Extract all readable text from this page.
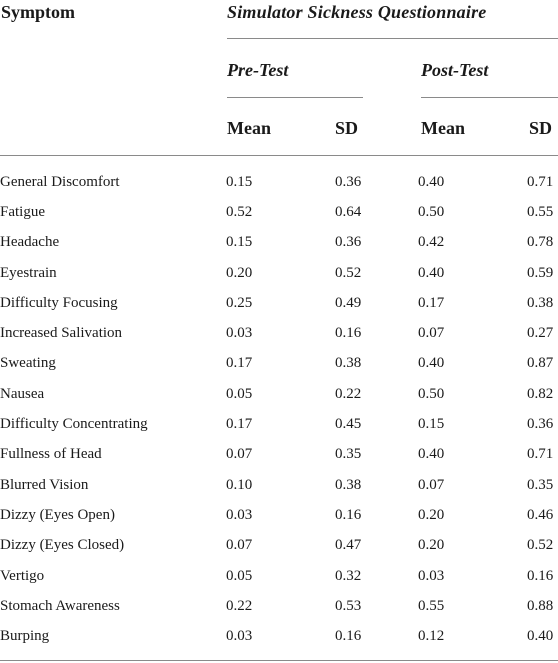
Symptom	Simulator Sickness Questionnaire
Pre-Test	Post-Test
Mean	SD	Mean	SD
General Discomfort	0.15	0.36	0.40	0.71
Fatigue	0.52	0.64	0.50	0.55
Headache	0.15	0.36	0.42	0.78
Eyestrain	0.20	0.52	0.40	0.59
Difficulty Focusing	0.25	0.49	0.17	0.38
Increased Salivation	0.03	0.16	0.07	0.27
Sweating	0.17	0.38	0.40	0.87
Nausea	0.05	0.22	0.50	0.82
Difficulty Concentrating	0.17	0.45	0.15	0.36
Fullness of Head	0.07	0.35	0.40	0.71
Blurred Vision	0.10	0.38	0.07	0.35
Dizzy (Eyes Open)	0.03	0.16	0.20	0.46
Dizzy (Eyes Closed)	0.07	0.47	0.20	0.52
Vertigo	0.05	0.32	0.03	0.16
Stomach Awareness	0.22	0.53	0.55	0.88
Burping	0.03	0.16	0.12	0.40
